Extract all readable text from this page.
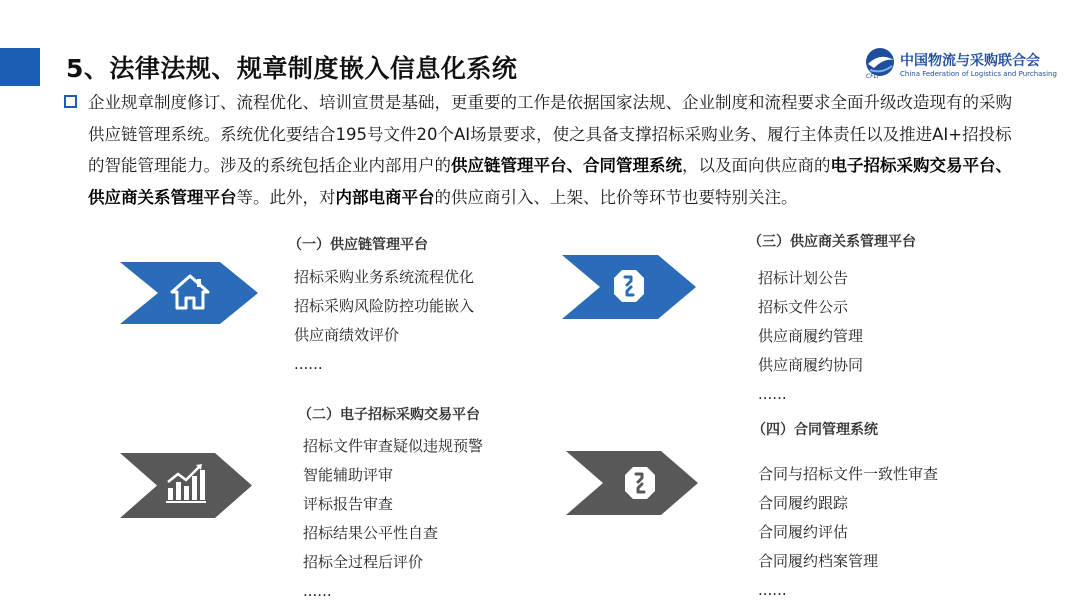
5、法律法规、规章制度嵌入信息化系统	中国物流与采购联合会
China Federation of Logistics and Purchasing
CFLP
企业规章制度修订、流程优化、培训宣贯是基础，更重要的工作是依据国家法规、企业制度和流程要求全面升级改造现有的采购供应链管理系统。系统优化要结合195号文件20个AI场景要求，使之具备支撑招标采购业务、履行主体责任以及推进AI+招投标的智能管理能力。涉及的系统包括企业内部用户的供应链管理平台、合同管理系统，以及面向供应商的电子招标采购交易平台、供应商关系管理平台等。此外，对内部电商平台的供应商引入、上架、比价等环节也要特别关注。
（一）供应链管理平台
招标采购业务系统流程优化
招标采购风险防控功能嵌入
供应商绩效评价
......
（二）电子招标采购交易平台
招标文件审查疑似违规预警
智能辅助评审
评标报告审查
招标结果公平性自查
招标全过程后评价
......
（三）供应商关系管理平台
招标计划公告
招标文件公示
供应商履约管理
供应商履约协同
......
（四）合同管理系统
合同与招标文件一致性审查
合同履约跟踪
合同履约评估
合同履约档案管理
......
